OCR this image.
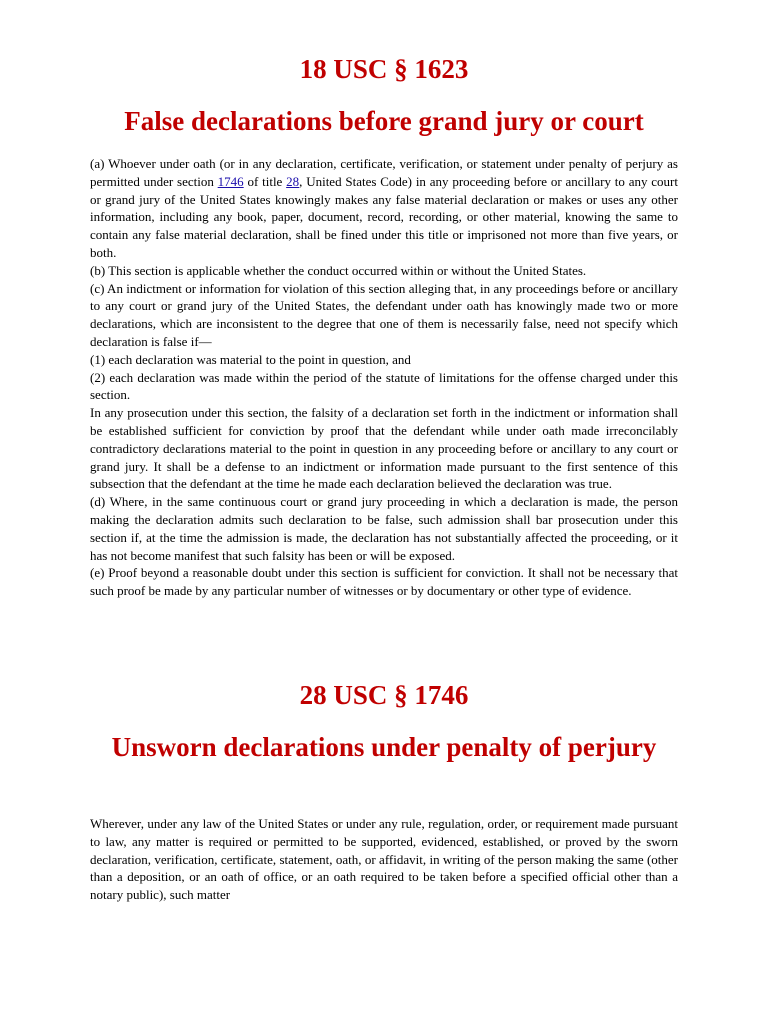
18 USC § 1623
False declarations before grand jury or court

(a) Whoever under oath (or in any declaration, certificate, verification, or statement under penalty of perjury as permitted under section 1746 of title 28, United States Code) in any proceeding before or ancillary to any court or grand jury of the United States knowingly makes any false material declaration or makes or uses any other information, including any book, paper, document, record, recording, or other material, knowing the same to contain any false material declaration, shall be fined under this title or imprisoned not more than five years, or both.

(b) This section is applicable whether the conduct occurred within or without the United States.

(c) An indictment or information for violation of this section alleging that, in any proceedings before or ancillary to any court or grand jury of the United States, the defendant under oath has knowingly made two or more declarations, which are inconsistent to the degree that one of them is necessarily false, need not specify which declaration is false if—

(1) each declaration was material to the point in question, and

(2) each declaration was made within the period of the statute of limitations for the offense charged under this section.

In any prosecution under this section, the falsity of a declaration set forth in the indictment or information shall be established sufficient for conviction by proof that the defendant while under oath made irreconcilably contradictory declarations material to the point in question in any proceeding before or ancillary to any court or grand jury. It shall be a defense to an indictment or information made pursuant to the first sentence of this subsection that the defendant at the time he made each declaration believed the declaration was true.

(d) Where, in the same continuous court or grand jury proceeding in which a declaration is made, the person making the declaration admits such declaration to be false, such admission shall bar prosecution under this section if, at the time the admission is made, the declaration has not substantially affected the proceeding, or it has not become manifest that such falsity has been or will be exposed.

(e) Proof beyond a reasonable doubt under this section is sufficient for conviction. It shall not be necessary that such proof be made by any particular number of witnesses or by documentary or other type of evidence.

28 USC § 1746
Unsworn declarations under penalty of perjury

Wherever, under any law of the United States or under any rule, regulation, order, or requirement made pursuant to law, any matter is required or permitted to be supported, evidenced, established, or proved by the sworn declaration, verification, certificate, statement, oath, or affidavit, in writing of the person making the same (other than a deposition, or an oath of office, or an oath required to be taken before a specified official other than a notary public), such matter
